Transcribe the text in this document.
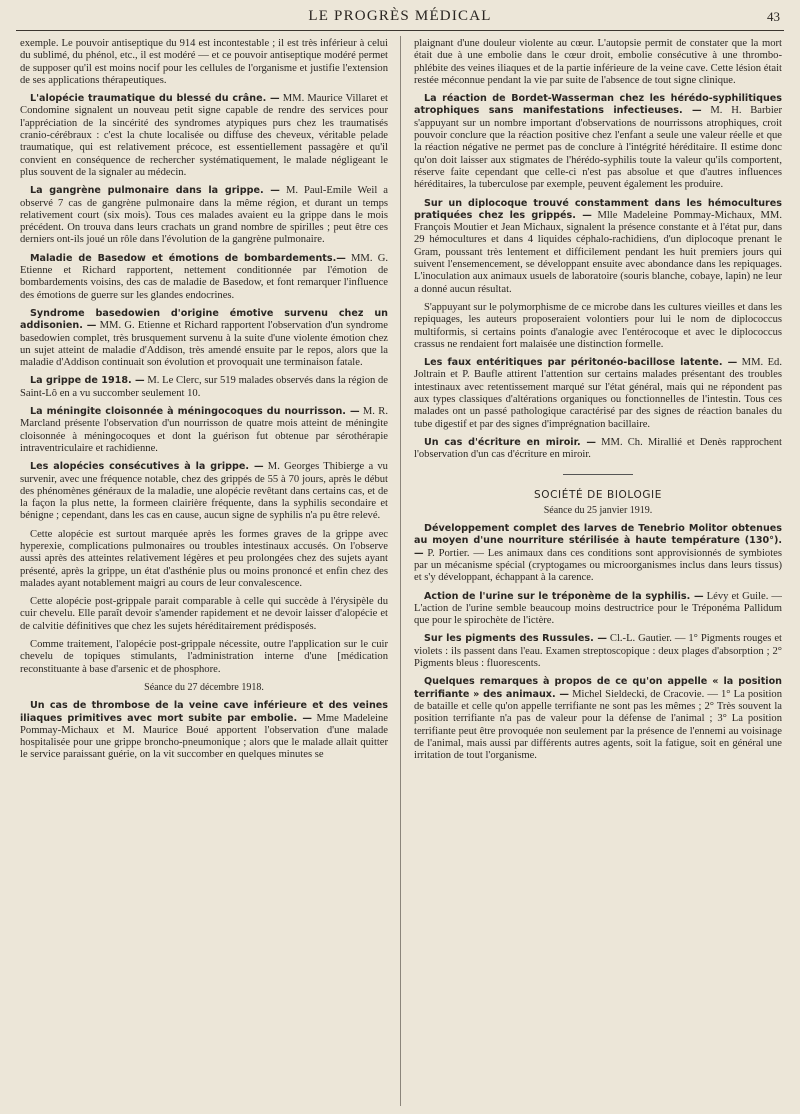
LE PROGRÈS MÉDICAL	43

exemple. Le pouvoir antiseptique du 914 est incontestable ; il est très inférieur à celui du sublimé, du phénol, etc., il est modéré — et ce pouvoir antiseptique modéré permet de supposer qu'il est moins nocif pour les cellules de l'organisme et justifie l'extension de ses applications thérapeutiques.

L'alopécie traumatique du blessé du crâne. — MM. Maurice Villaret et Condomine signalent un nouveau petit signe capable de rendre des services pour l'appréciation de la sincérité des syndromes atypiques purs chez les traumatisés cranio-cérébraux : c'est la chute localisée ou diffuse des cheveux, véritable pelade traumatique, qui est relativement précoce, est essentiellement passagère et qu'il convient en conséquence de rechercher systématiquement, le malade négligeant le plus souvent de la signaler au médecin.

La gangrène pulmonaire dans la grippe. — M. Paul-Emile Weil a observé 7 cas de gangrène pulmonaire dans la même région, et durant un temps relativement court (six mois). Tous ces malades avaient eu la grippe dans le mois précédent. On trouva dans leurs crachats un grand nombre de spirilles ; peut être ces derniers ont-ils joué un rôle dans l'évolution de la gangrène pulmonaire.

Maladie de Basedow et émotions de bombardements.— MM. G. Etienne et Richard rapportent, nettement conditionnée par l'émotion de bombardements voisins, des cas de maladie de Basedow, et font remarquer l'influence des émotions de guerre sur les glandes endocrines.

Syndrome basedowien d'origine émotive survenu chez un addisonien. — MM. G. Etienne et Richard rapportent l'observation d'un syndrome basedowien complet, très brusquement survenu à la suite d'une violente émotion chez un sujet atteint de maladie d'Addison, très amendé ensuite par le repos, alors que la maladie d'Addison continuait son évolution et provoquait une terminaison fatale.

La grippe de 1918. — M. Le Clerc, sur 519 malades observés dans la région de Saint-Lô en a vu succomber seulement 10.

La méningite cloisonnée à méningocoques du nourrisson. — M. R. Marcland présente l'observation d'un nourrisson de quatre mois atteint de méningite cloisonnée à méningocoques et dont la guérison fut obtenue par sérothérapie intraventriculaire et rachidienne.

Les alopécies consécutives à la grippe. — M. Georges Thibierge a vu survenir, avec une fréquence notable, chez des grippés de 55 à 70 jours, après le début des phénomènes généraux de la maladie, une alopécie revêtant dans certains cas, et de la façon la plus nette, la formeen clairière fréquente, dans la syphilis secondaire et bénigne ; cependant, dans les cas en cause, aucun signe de syphilis n'a pu être relevé.

Cette alopécie est surtout marquée après les formes graves de la grippe avec hyperexie, complications pulmonaires ou troubles intestinaux accusés. On l'observe aussi après des atteintes relativement légères et peu prolongées chez des sujets ayant présenté, après la grippe, un état d'asthénie plus ou moins prononcé et enfin chez des malades ayant notablement maigri au cours de leur convalescence.

Cette alopécie post-grippale parait comparable à celle qui succède à l'érysipèle du cuir chevelu. Elle paraît devoir s'amender rapidement et ne devoir laisser d'alopécie et de calvitie définitives que chez les sujets héréditairement prédisposés.

Comme traitement, l'alopécie post-grippale nécessite, outre l'application sur le cuir chevelu de topiques stimulants, l'administration interne d'une [médication reconstituante à base d'arsenic et de phosphore.

Séance du 27 décembre 1918.

Un cas de thrombose de la veine cave inférieure et des veines iliaques primitives avec mort subite par embolie. — Mme Madeleine Pommay-Michaux et M. Maurice Boué apportent l'observation d'une malade hospitalisée pour une grippe broncho-pneumonique ; alors que le malade allait quitter le service paraissant guérie, on la vit succomber en quelques minutes se

plaignant d'une douleur violente au cœur. L'autopsie permit de constater que la mort était due à une embolie dans le cœur droit, embolie consécutive à une thrombo-phlébite des veines iliaques et de la partie inférieure de la veine cave. Cette lésion était restée méconnue pendant la vie par suite de l'absence de tout signe clinique.

La réaction de Bordet-Wasserman chez les hérédo-syphilitiques atrophiques sans manifestations infectieuses. — M. H. Barbier s'appuyant sur un nombre important d'observations de nourrissons atrophiques, croit pouvoir conclure que la réaction positive chez l'enfant a seule une valeur réelle et que la réaction négative ne permet pas de conclure à l'intégrité héréditaire. Il estime donc qu'on doit laisser aux stigmates de l'hérédo-syphilis toute la valeur qu'ils comportent, réserve faite cependant que celle-ci n'est pas absolue et que d'autres influences héréditaires, la tuberculose par exemple, peuvent également les produire.

Sur un diplocoque trouvé constamment dans les hémocultures pratiquées chez les grippés. — Mlle Madeleine Pommay-Michaux, MM. François Moutier et Jean Michaux, signalent la présence constante et à l'état pur, dans 29 hémocultures et dans 4 liquides céphalo-rachidiens, d'un diplocoque prenant le Gram, poussant très lentement et difficilement pendant les huit premiers jours qui suivent l'ensemencement, se développant ensuite avec abondance dans les repiquages. L'inoculation aux animaux usuels de laboratoire (souris blanche, cobaye, lapin) ne leur a donné aucun résultat.

S'appuyant sur le polymorphisme de ce microbe dans les cultures vieilles et dans les repiquages, les auteurs proposeraient volontiers pour lui le nom de diplococcus multiformis, si certains points d'analogie avec l'entérocoque et avec le diplococcus crassus ne rendaient fort malaisée une distinction formelle.

Les faux entéritiques par péritonéo-bacillose latente. — MM. Ed. Joltrain et P. Baufle attirent l'attention sur certains malades présentant des troubles intestinaux avec retentissement marqué sur l'état général, mais qui ne répondent pas aux types classiques d'altérations organiques ou fonctionnelles de l'intestin. Tous ces malades ont un passé pathologique caractérisé par des signes de réaction banales du tube digestif et par des signes d'imprégnation bacillaire.

Un cas d'écriture en miroir. — MM. Ch. Mirallié et Denès rapprochent l'observation d'un cas d'écriture en miroir.

SOCIÉTÉ DE BIOLOGIE

Séance du 25 janvier 1919.

Développement complet des larves de Tenebrio Molitor obtenues au moyen d'une nourriture stérilisée à haute température (130°). — P. Portier. — Les animaux dans ces conditions sont approvisionnés de symbiotes par un mécanisme spécial (cryptogames ou microorganismes inclus dans leurs tissus) et s'y développant, échappant à la carence.

Action de l'urine sur le tréponème de la syphilis. — Lévy et Guile. — L'action de l'urine semble beaucoup moins destructrice pour le Tréponéma Pallidum que pour le spirochète de l'ictère.

Sur les pigments des Russules. — Cl.-L. Gautier. — 1° Pigments rouges et violets : ils passent dans l'eau. Examen streptoscopique : deux plages d'absorption ; 2° Pigments bleus : fluorescents.

Quelques remarques à propos de ce qu'on appelle « la position terrifiante » des animaux. — Michel Sieldecki, de Cracovie. — 1° La position de bataille et celle qu'on appelle terrifiante ne sont pas les mêmes ; 2° Très souvent la position terrifiante n'a pas de valeur pour la défense de l'animal ; 3° La position terrifiante peut être provoquée non seulement par la présence de l'ennemi au voisinage de l'animal, mais aussi par différents autres agents, soit la fatigue, soit en général une irritation de tout l'organisme.
